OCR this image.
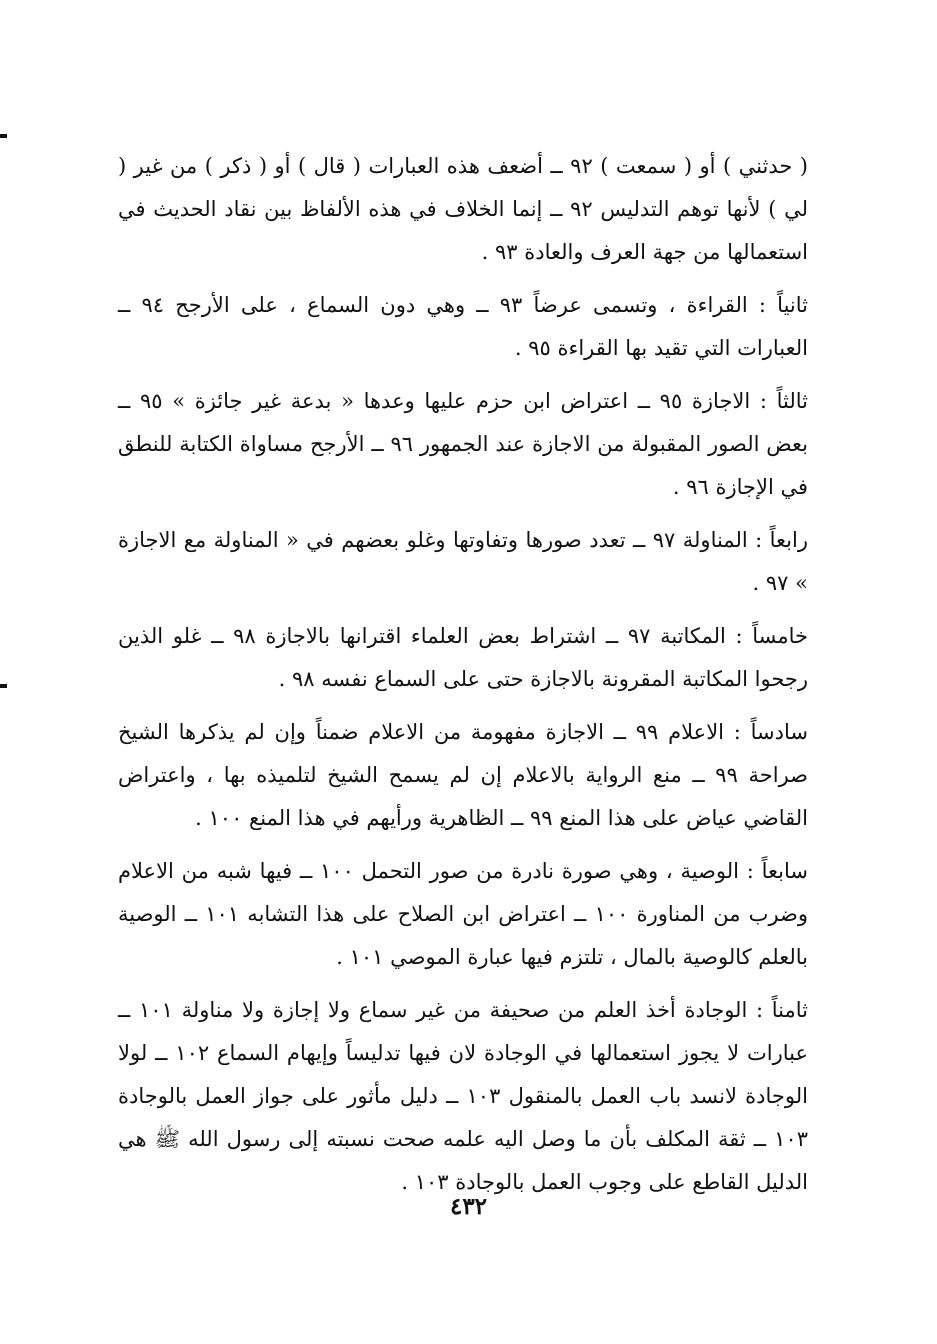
( حدثني ) أو ( سمعت ) ٩٢ ــ أضعف هذه العبارات ( قال ) أو ( ذكر ) من غير ( لي ) لأنها توهم التدليس ٩٢ ــ إنما الخلاف في هذه الألفاظ بين نقاد الحديث في استعمالها من جهة العرف والعادة ٩٣ .

ثانياً : القراءة ، وتسمى عرضاً ٩٣ ــ وهي دون السماع ، على الأرجح ٩٤ ــ العبارات التي تقيد بها القراءة ٩٥ .

ثالثاً : الاجازة ٩٥ ــ اعتراض ابن حزم عليها وعدها « بدعة غير جائزة » ٩٥ ــ بعض الصور المقبولة من الاجازة عند الجمهور ٩٦ ــ الأرجح مساواة الكتابة للنطق في الإجازة ٩٦ .

رابعاً : المناولة ٩٧ ــ تعدد صورها وتفاوتها وغلو بعضهم في « المناولة مع الاجازة » ٩٧ .

خامساً : المكاتبة ٩٧ ــ اشتراط بعض العلماء اقترانها بالاجازة ٩٨ ــ غلو الذين رجحوا المكاتبة المقرونة بالاجازة حتى على السماع نفسه ٩٨ .

سادساً : الاعلام ٩٩ ــ الاجازة مفهومة من الاعلام ضمناً وإن لم يذكرها الشيخ صراحة ٩٩ ــ منع الرواية بالاعلام إن لم يسمح الشيخ لتلميذه بها ، واعتراض القاضي عياض على هذا المنع ٩٩ ــ الظاهرية ورأيهم في هذا المنع ١٠٠ .

سابعاً : الوصية ، وهي صورة نادرة من صور التحمل ١٠٠ ــ فيها شبه من الاعلام وضرب من المناورة ١٠٠ ــ اعتراض ابن الصلاح على هذا التشابه ١٠١ ــ الوصية بالعلم كالوصية بالمال ، تلتزم فيها عبارة الموصي ١٠١ .

ثامناً : الوجادة أخذ العلم من صحيفة من غير سماع ولا إجازة ولا مناولة ١٠١ ــ عبارات لا يجوز استعمالها في الوجادة لان فيها تدليساً وإيهام السماع ١٠٢ ــ لولا الوجادة لانسد باب العمل بالمنقول ١٠٣ ــ دليل مأثور على جواز العمل بالوجادة ١٠٣ ــ ثقة المكلف بأن ما وصل اليه علمه صحت نسبته إلى رسول الله ﷺ هي الدليل القاطع على وجوب العمل بالوجادة ١٠٣ .

٤٣٢
